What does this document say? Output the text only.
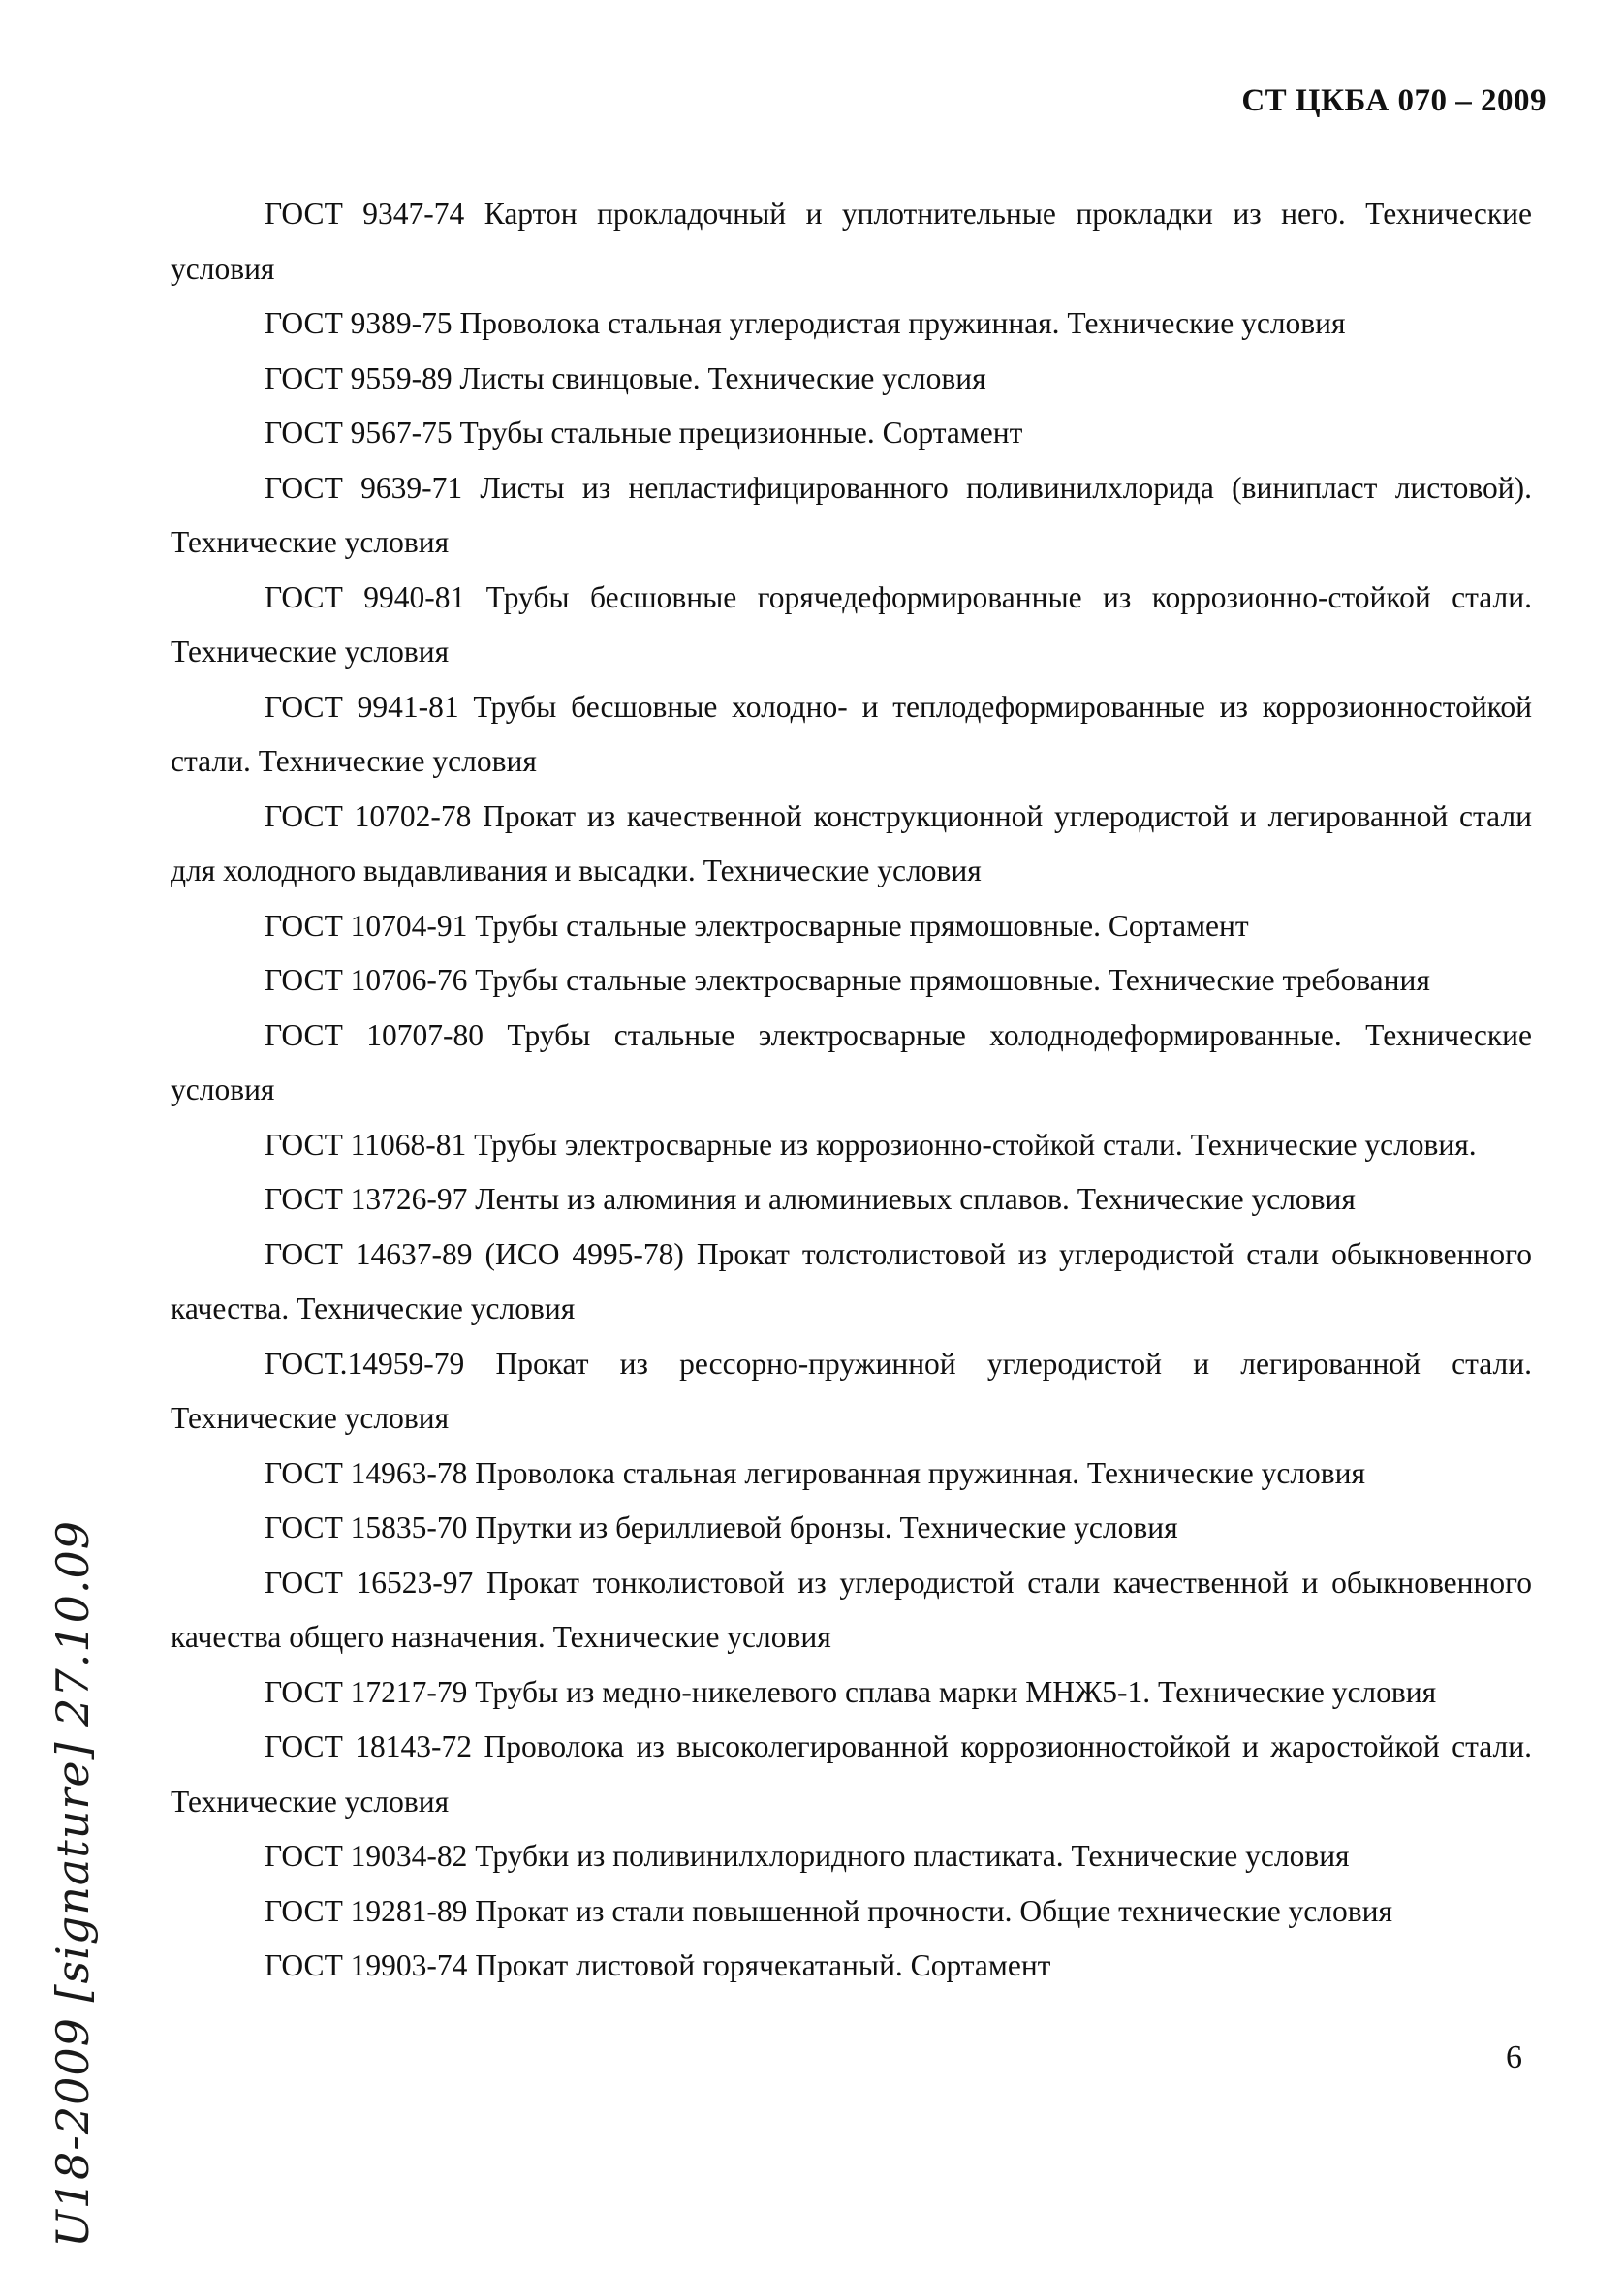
СТ ЦКБА 070 – 2009

ГОСТ 9347-74 Картон прокладочный и уплотнительные прокладки из него. Технические условия

ГОСТ 9389-75 Проволока стальная углеродистая пружинная. Технические условия

ГОСТ 9559-89 Листы свинцовые. Технические условия

ГОСТ 9567-75 Трубы стальные прецизионные. Сортамент

ГОСТ 9639-71 Листы из непластифицированного поливинилхлорида (винипласт листовой). Технические условия

ГОСТ 9940-81 Трубы бесшовные горячедеформированные из коррозионно-стойкой стали. Технические условия

ГОСТ 9941-81 Трубы бесшовные холодно- и теплодеформированные из коррозионностойкой стали. Технические условия

ГОСТ 10702-78 Прокат из качественной конструкционной углеродистой и легированной стали для холодного выдавливания и высадки. Технические условия

ГОСТ 10704-91 Трубы стальные электросварные прямошовные. Сортамент

ГОСТ 10706-76 Трубы стальные электросварные прямошовные. Технические требования

ГОСТ 10707-80 Трубы стальные электросварные холоднодеформированные. Технические условия

ГОСТ 11068-81 Трубы электросварные из коррозионно-стойкой стали. Технические условия.

ГОСТ 13726-97 Ленты из алюминия и алюминиевых сплавов. Технические условия

ГОСТ 14637-89 (ИСО 4995-78) Прокат толстолистовой из углеродистой стали обыкновенного качества. Технические условия

ГОСТ.14959-79 Прокат из рессорно-пружинной углеродистой и легированной стали. Технические условия

ГОСТ 14963-78 Проволока стальная легированная пружинная. Технические условия

ГОСТ 15835-70 Прутки из бериллиевой бронзы. Технические условия

ГОСТ 16523-97 Прокат тонколистовой из углеродистой стали качественной и обыкновенного качества общего назначения. Технические условия

ГОСТ 17217-79 Трубы из медно-никелевого сплава марки МНЖ5-1. Технические условия

ГОСТ 18143-72 Проволока из высоколегированной коррозионностойкой и жаростойкой стали. Технические условия

ГОСТ 19034-82 Трубки из поливинилхлоридного пластиката. Технические условия

ГОСТ 19281-89 Прокат из стали повышенной прочности. Общие технические условия

ГОСТ 19903-74 Прокат листовой горячекатаный. Сортамент

6
U18-2009 [signature] 27.10.09
